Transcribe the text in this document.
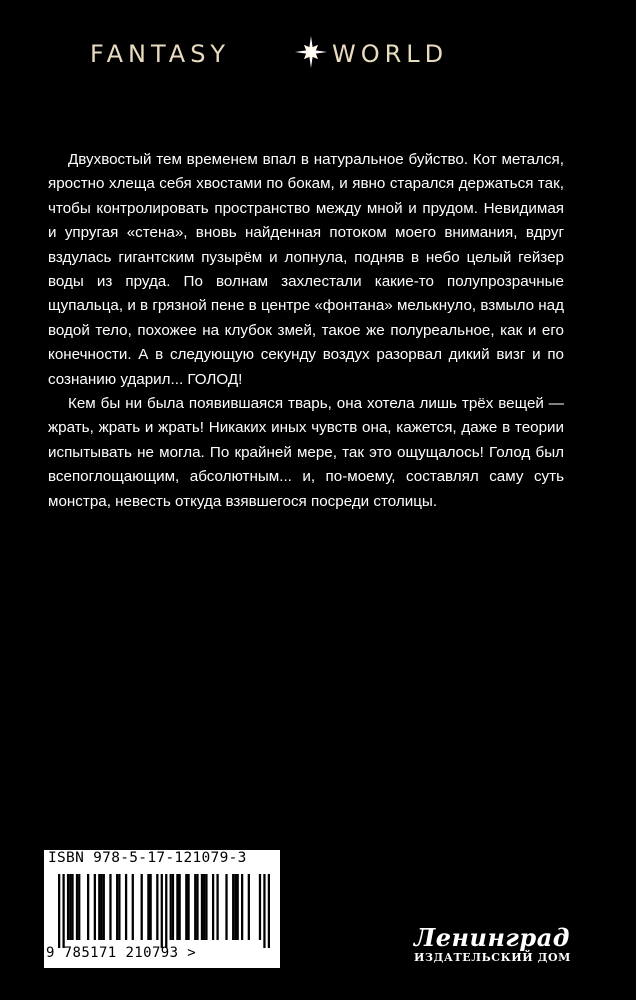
FANTASY	WORLD

Двухвостый тем временем впал в натуральное буйство. Кот метался, яростно хлеща себя хвостами по бокам, и явно старался держаться так, чтобы контролировать пространство между мной и прудом. Невидимая и упругая «стена», вновь найденная потоком моего внимания, вдруг вздулась гигантским пузырём и лопнула, подняв в небо целый гейзер воды из пруда. По волнам захлестали какие-то полупрозрачные щупальца, и в грязной пене в центре «фонтана» мелькнуло, взмыло над водой тело, похожее на клубок змей, такое же полуреальное, как и его конечности. А в следующую секунду воздух разорвал дикий визг и по сознанию ударил... ГОЛОД!

Кем бы ни была появившаяся тварь, она хотела лишь трёх вещей — жрать, жрать и жрать! Никаких иных чувств она, кажется, даже в теории испытывать не могла. По крайней мере, так это ощущалось! Голод был всепоглощающим, абсолютным... и, по-моему, составлял саму суть монстра, невесть откуда взявшегося посреди столицы.

ISBN 978-5-17-121079-3
9 785171 210793 >
Ленинград
ИЗДАТЕЛЬСКИЙ ДОМ
